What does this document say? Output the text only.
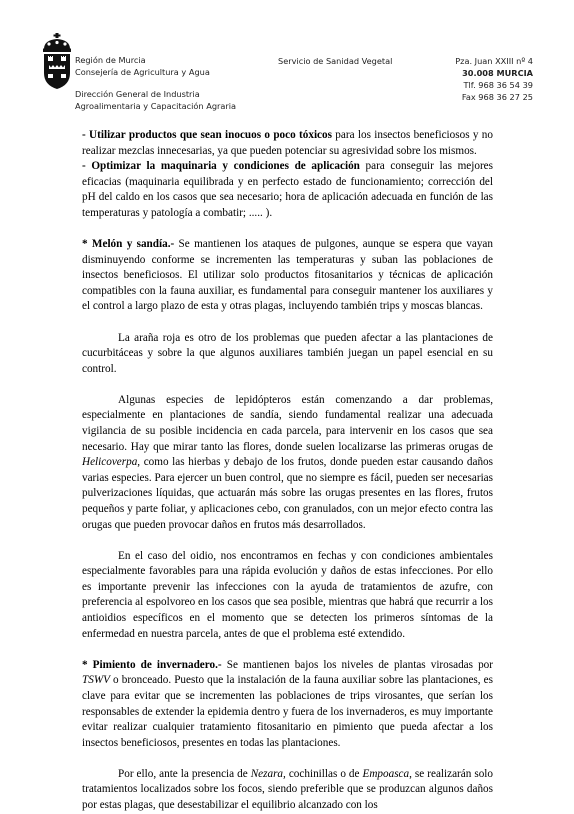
Región de Murcia
Consejería de Agricultura y Agua
Dirección General de Industria
Agroalimentaria y Capacitación Agraria
Servicio de Sanidad Vegetal	Pza. Juan XXIII nº 4
30.008 MURCIA
Tlf. 968 36 54 39
Fax 968 36 27 25

- Utilizar productos que sean inocuos o poco tóxicos para los insectos beneficiosos y no realizar mezclas innecesarias, ya que pueden potenciar su agresividad sobre los mismos.

- Optimizar la maquinaria y condiciones de aplicación para conseguir las mejores eficacias (maquinaria equilibrada y en perfecto estado de funcionamiento; corrección del pH del caldo en los casos que sea necesario; hora de aplicación adecuada en función de las temperaturas y patología a combatir; ..... ).

* Melón y sandía.- Se mantienen los ataques de pulgones, aunque se espera que vayan disminuyendo conforme se incrementen las temperaturas y suban las poblaciones de insectos beneficiosos. El utilizar solo productos fitosanitarios y técnicas de aplicación compatibles con la fauna auxiliar, es fundamental para conseguir mantener los auxiliares y el control a largo plazo de esta y otras plagas, incluyendo también trips y moscas blancas.

La araña roja es otro de los problemas que pueden afectar a las plantaciones de cucurbitáceas y sobre la que algunos auxiliares también juegan un papel esencial en su control.

Algunas especies de lepidópteros están comenzando a dar problemas, especialmente en plantaciones de sandía, siendo fundamental realizar una adecuada vigilancia de su posible incidencia en cada parcela, para intervenir en los casos que sea necesario. Hay que mirar tanto las flores, donde suelen localizarse las primeras orugas de Helicoverpa, como las hierbas y debajo de los frutos, donde pueden estar causando daños varias especies. Para ejercer un buen control, que no siempre es fácil, pueden ser necesarias pulverizaciones líquidas, que actuarán más sobre las orugas presentes en las flores, frutos pequeños y parte foliar, y aplicaciones cebo, con granulados, con un mejor efecto contra las orugas que pueden provocar daños en frutos más desarrollados.

En el caso del oidio, nos encontramos en fechas y con condiciones ambientales especialmente favorables para una rápida evolución y daños de estas infecciones. Por ello es importante prevenir las infecciones con la ayuda de tratamientos de azufre, con preferencia al espolvoreo en los casos que sea posible, mientras que habrá que recurrir a los antioidios específicos en el momento que se detecten los primeros síntomas de la enfermedad en nuestra parcela, antes de que el problema esté extendido.

* Pimiento de invernadero.- Se mantienen bajos los niveles de plantas virosadas por TSWV o bronceado. Puesto que la instalación de la fauna auxiliar sobre las plantaciones, es clave para evitar que se incrementen las poblaciones de trips virosantes, que serían los responsables de extender la epidemia dentro y fuera de los invernaderos, es muy importante evitar realizar cualquier tratamiento fitosanitario en pimiento que pueda afectar a los insectos beneficiosos, presentes en todas las plantaciones.

Por ello, ante la presencia de Nezara, cochinillas o de Empoasca, se realizarán solo tratamientos localizados sobre los focos, siendo preferible que se produzcan algunos daños por estas plagas, que desestabilizar el equilibrio alcanzado con los
